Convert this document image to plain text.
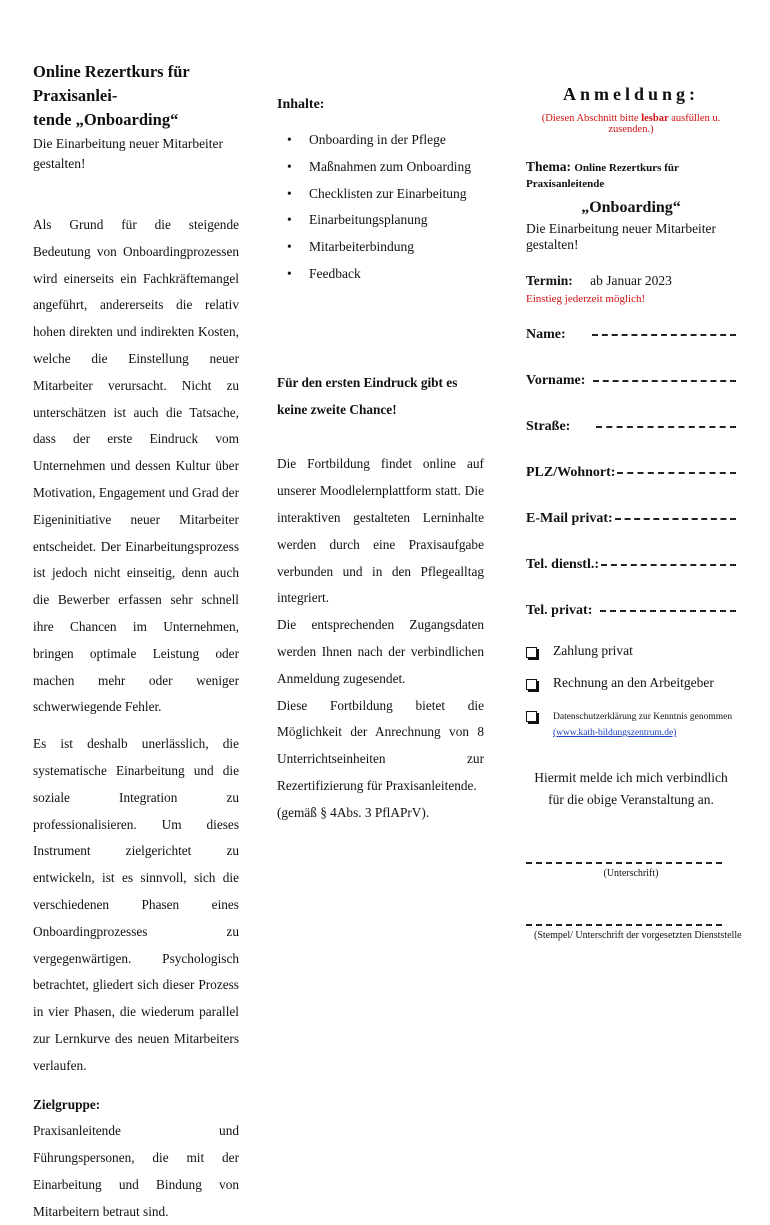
Online Rezertkurs für Praxisanlei-
tende „Onboarding“
Die Einarbeitung neuer Mitarbeiter gestalten!

Als Grund für die steigende Bedeutung von Onboardingprozessen wird einerseits ein Fachkräftemangel angeführt, andererseits die relativ hohen direkten und indirekten Kosten, welche die Einstellung neuer Mitarbeiter verursacht. Nicht zu unterschätzen ist auch die Tatsache, dass der erste Eindruck vom Unternehmen und dessen Kultur über Motivation, Engagement und Grad der Eigeninitiative neuer Mitarbeiter entscheidet. Der Einarbeitungsprozess ist jedoch nicht einseitig, denn auch die Bewerber erfassen sehr schnell ihre Chancen im Unternehmen, bringen optimale Leistung oder machen mehr oder weniger schwerwiegende Fehler.

Es ist deshalb unerlässlich, die systematische Einarbeitung und die soziale Integration zu professionalisieren. Um dieses Instrument zielgerichtet zu entwickeln, ist es sinnvoll, sich die verschiedenen Phasen eines Onboardingprozesses zu vergegenwärtigen. Psychologisch betrachtet, gliedert sich dieser Prozess in vier Phasen, die wiederum parallel zur Lernkurve des neuen Mitarbeiters verlaufen.

Zielgruppe:

Praxisanleitende und Führungspersonen, die mit der Einarbeitung und Bindung von Mitarbeitern betraut sind.

Inhalte:
• Onboarding in der Pflege
• Maßnahmen zum Onboarding
• Checklisten zur Einarbeitung
• Einarbeitungsplanung
• Mitarbeiterbindung
• Feedback

Für den ersten Eindruck gibt es keine zweite Chance!

Die Fortbildung findet online auf unserer Moodlelernplattform statt. Die interaktiven gestalteten Lerninhalte werden durch eine Praxisaufgabe verbunden und in den Pflegealltag integriert.

Die entsprechenden Zugangsdaten werden Ihnen nach der verbindlichen Anmeldung zugesendet.

Diese Fortbildung bietet die Möglichkeit der Anrechnung von 8 Unterrichtseinheiten zur Rezertifizierung für Praxisanleitende.

(gemäß § 4Abs. 3 PflAPrV).

Anmeldung:
(Diesen Abschnitt bitte lesbar ausfüllen u. zusenden.)
Thema: Online Rezertkurs für Praxisanleitende
„Onboarding“
Die Einarbeitung neuer Mitarbeiter gestalten!
Termin: ab Januar 2023
Einstieg jederzeit möglich!
Name:
Vorname:
Straße:
PLZ/Wohnort:
E-Mail privat:
Tel. dienstl.:
Tel. privat:
Zahlung privat
Rechnung an den Arbeitgeber
Datenschutzerklärung zur Kenntnis genommen
(www.kath-bildungszentrum.de)
Hiermit melde ich mich verbindlich für die obige Veranstaltung an.
(Unterschrift)
(Stempel/ Unterschrift der vorgesetzten Dienststelle
